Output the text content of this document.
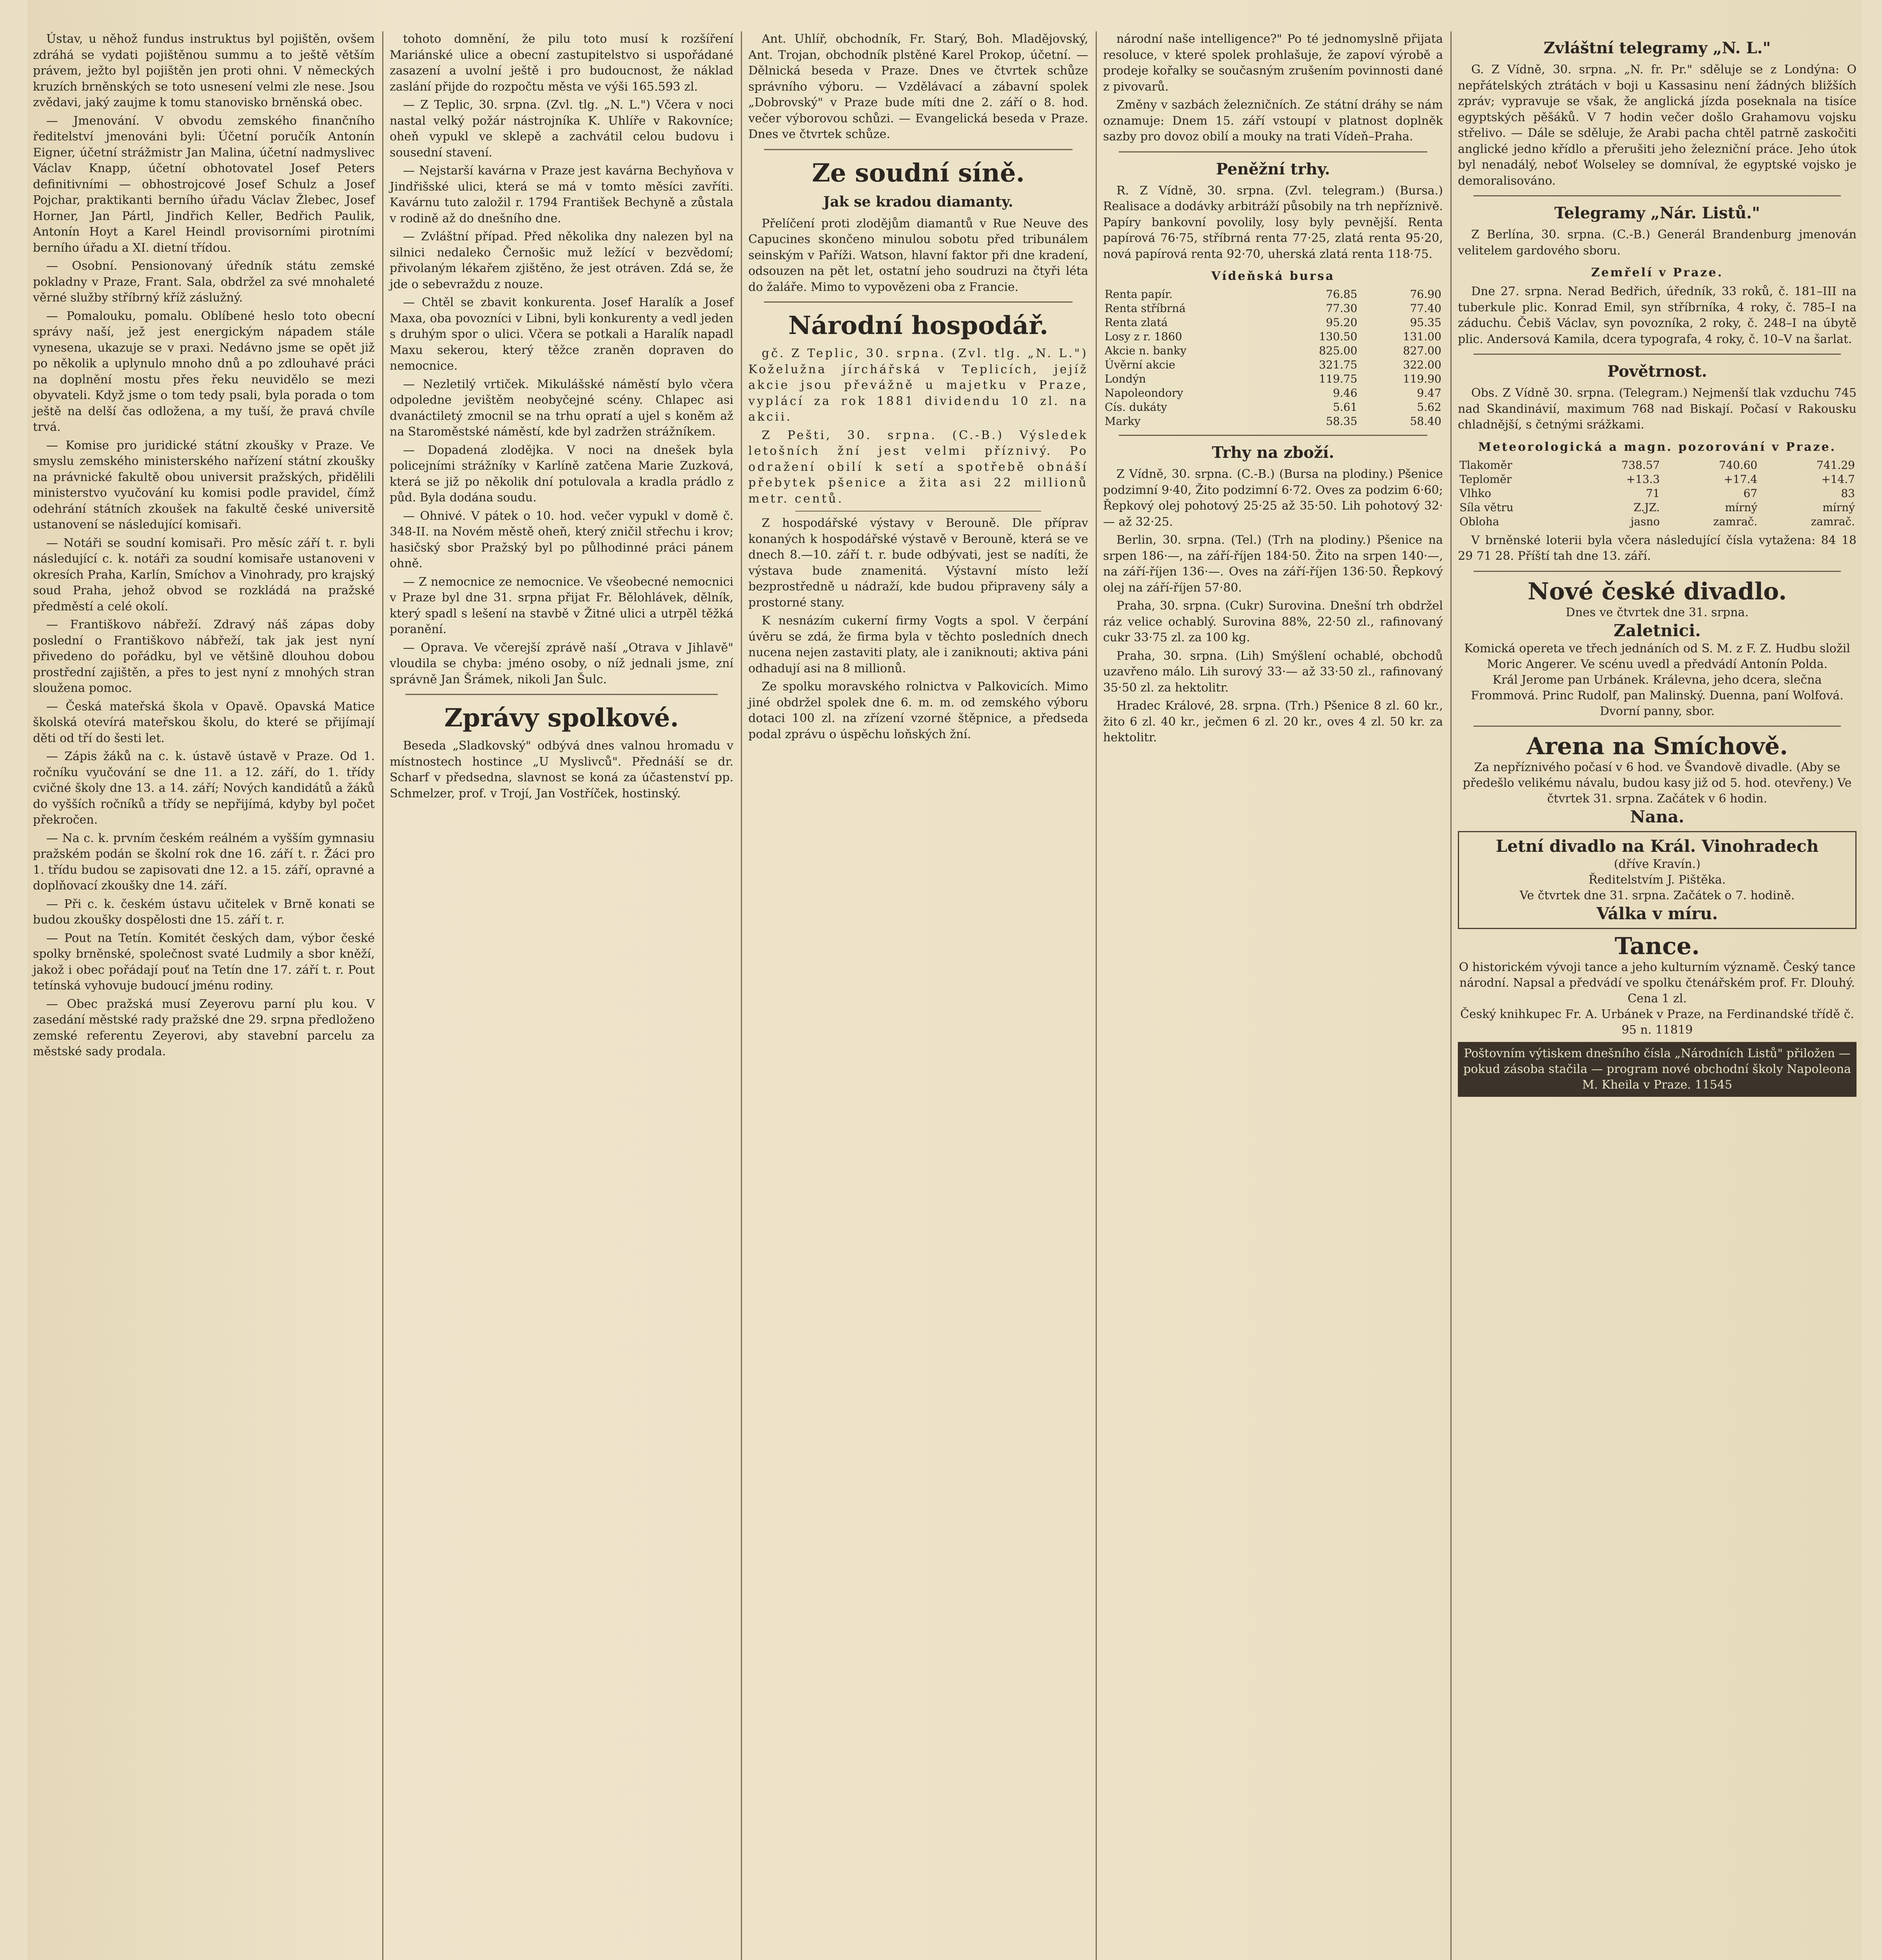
Ústav, u něhož fundus instruktus byl pojištěn, ovšem zdráhá se vydati pojištěnou summu a to ještě větším právem, ježto byl pojištěn jen proti ohni. V německých kruzích brněnských se toto usnesení velmi zle nese. Jsou zvědavi, jaký zaujme k tomu stanovisko brněnská obec.

— Jmenování. V obvodu zemského finančního ředitelství jmenováni byli: Účetní poručík Antonín Eigner, účetní strážmistr Jan Malina, účetní nadmyslivec Václav Knapp, účetní obhotovatel Josef Peters definitivními — obhostrojcové Josef Schulz a Josef Pojchar, praktikanti berního úřadu Václav Žlebec, Josef Horner, Jan Pártl, Jindřich Keller, Bedřich Paulik, Antonín Hoyt a Karel Heindl provisorními pirotními berního úřadu a XI. dietní třídou.

— Osobní. Pensionovaný úředník státu zemské pokladny v Praze, Frant. Sala, obdržel za své mnohaleté věrné služby stříbrný kříž záslužný.

— Pomalouku, pomalu. Oblíbené heslo toto obecní správy naší, jež jest energickým nápadem stále vynesena, ukazuje se v praxi. Nedávno jsme se opět již po několik a uplynulo mnoho dnů a po zdlouhavé práci na doplnění mostu přes řeku neuvidělo se mezi obyvateli. Když jsme o tom tedy psali, byla porada o tom ještě na delší čas odložena, a my tuší, že pravá chvíle trvá.

— Komise pro juridické státní zkoušky v Praze. Ve smyslu zemského ministerského nařízení státní zkoušky na právnické fakultě obou universit pražských, přidělili ministerstvo vyučování ku komisi podle pravidel, čímž odehrání státních zkoušek na fakultě české universitě ustanovení se následující komisaři.

— Notáři se soudní komisaři. Pro měsíc září t. r. byli následující c. k. notáři za soudní komisaře ustanoveni v okresích Praha, Karlín, Smíchov a Vinohrady, pro krajský soud Praha, jehož obvod se rozkládá na pražské předměstí a celé okolí.

— Františkovo nábřeží. Zdravý náš zápas doby poslední o Františkovo nábřeží, tak jak jest nyní přivedeno do pořádku, byl ve většině dlouhou dobou prostřední zajištěn, a přes to jest nyní z mnohých stran sloužena pomoc.

— Česká mateřská škola v Opavě. Opavská Matice školská otevírá mateřskou školu, do které se přijímají děti od tří do šesti let.

— Zápis žáků na c. k. ústavě ústavě v Praze. Od 1. ročníku vyučování se dne 11. a 12. září, do 1. třídy cvičné školy dne 13. a 14. září; Nových kandidátů a žáků do vyšších ročníků a třídy se nepřijímá, kdyby byl počet překročen.

— Na c. k. prvním českém reálném a vyšším gymnasiu pražském podán se školní rok dne 16. září t. r. Žáci pro 1. třídu budou se zapisovati dne 12. a 15. září, opravné a doplňovací zkoušky dne 14. září.

— Při c. k. českém ústavu učitelek v Brně konati se budou zkoušky dospělosti dne 15. září t. r.

— Pout na Tetín. Komitét českých dam, výbor české spolky brněnské, společnost svaté Ludmily a sbor kněží, jakož i obec pořádají pouť na Tetín dne 17. září t. r. Pout tetínská vyhovuje budoucí jménu rodiny.

— Obec pražská musí Zeyerovu parní plu kou. V zasedání městské rady pražské dne 29. srpna předloženo zemské referentu Zeyerovi, aby stavební parcelu za městské sady prodala.

tohoto domnění, že pilu toto musí k rozšíření Mariánské ulice a obecní zastupitelstvo si uspořádané zasazení a uvolní ještě i pro budoucnost, že náklad zaslání přijde do rozpočtu města ve výši 165.593 zl.

— Z Teplic, 30. srpna. (Zvl. tlg. „N. L.") Včera v noci nastal velký požár nástrojníka K. Uhlíře v Rakovníce; oheň vypukl ve sklepě a zachvátil celou budovu i sousední stavení.

— Nejstarší kavárna v Praze jest kavárna Bechyňova v Jindřišské ulici, která se má v tomto měsíci zavříti. Kavárnu tuto založil r. 1794 František Bechyně a zůstala v rodině až do dnešního dne.

— Zvláštní případ. Před několika dny nalezen byl na silnici nedaleko Černošic muž ležící v bezvědomí; přivolaným lékařem zjištěno, že jest otráven. Zdá se, že jde o sebevraždu z nouze.

— Chtěl se zbavit konkurenta. Josef Haralík a Josef Maxa, oba povozníci v Libni, byli konkurenty a vedl jeden s druhým spor o ulici. Včera se potkali a Haralík napadl Maxu sekerou, který těžce zraněn dopraven do nemocnice.

— Nezletilý vrtiček. Mikulášské náměstí bylo včera odpoledne jevištěm neobyčejné scény. Chlapec asi dvanáctiletý zmocnil se na trhu opratí a ujel s koněm až na Staroměstské náměstí, kde byl zadržen strážníkem.

— Dopadená zlodějka. V noci na dnešek byla policejními strážníky v Karlíně zatčena Marie Zuzková, která se již po několik dní potulovala a kradla prádlo z půd. Byla dodána soudu.

— Ohnivé. V pátek o 10. hod. večer vypukl v domě č. 348-II. na Novém městě oheň, který zničil střechu i krov; hasičský sbor Pražský byl po půlhodinné práci pánem ohně.

— Z nemocnice ze nemocnice. Ve všeobecné nemocnici v Praze byl dne 31. srpna přijat Fr. Bělohlávek, dělník, který spadl s lešení na stavbě v Žitné ulici a utrpěl těžká poranění.

— Oprava. Ve včerejší zprávě naší „Otrava v Jihlavě" vloudila se chyba: jméno osoby, o níž jednali jsme, zní správně Jan Šrámek, nikoli Jan Šulc.

Zprávy spolkové.

Beseda „Sladkovský" odbývá dnes valnou hromadu v místnostech hostince „U Myslivců". Přednáší se dr. Scharf v předsedna, slavnost se koná za účastenství pp. Schmelzer, prof. v Trojí, Jan Vostříček, hostinský.

Ant. Uhlíř, obchodník, Fr. Starý, Boh. Mladějovský, Ant. Trojan, obchodník plstěné Karel Prokop, účetní. — Dělnická beseda v Praze. Dnes ve čtvrtek schůze správního výboru. — Vzdělávací a zábavní spolek „Dobrovský" v Praze bude míti dne 2. září o 8. hod. večer výborovou schůzi. — Evangelická beseda v Praze. Dnes ve čtvrtek schůze.

Ze soudní síně.
Jak se kradou diamanty.

Přelíčení proti zlodějům diamantů v Rue Neuve des Capucines skončeno minulou sobotu před tribunálem seinským v Paříži. Watson, hlavní faktor při dne kradení, odsouzen na pět let, ostatní jeho soudruzi na čtyři léta do žaláře. Mimo to vypovězeni oba z Francie.

Národní hospodář.

gč. Z Teplic, 30. srpna. (Zvl. tlg. „N. L.") Koželužna jírchářská v Teplicích, jejíž akcie jsou převážně u majetku v Praze, vyplácí za rok 1881 dividendu 10 zl. na akcii.

Z Pešti, 30. srpna. (C.-B.) Výsledek letošních žní jest velmi příznivý. Po odražení obilí k setí a spotřebě obnáší přebytek pšenice a žita asi 22 millionů metr. centů.

Z hospodářské výstavy v Berouně. Dle příprav konaných k hospodářské výstavě v Berouně, která se ve dnech 8.—10. září t. r. bude odbývati, jest se nadíti, že výstava bude znamenitá. Výstavní místo leží bezprostředně u nádraží, kde budou připraveny sály a prostorné stany.

K nesnázím cukerní firmy Vogts a spol. V čerpání úvěru se zdá, že firma byla v těchto posledních dnech nucena nejen zastaviti platy, ale i zaniknouti; aktiva páni odhadují asi na 8 millionů.

Ze spolku moravského rolnictva v Palkovicích. Mimo jiné obdržel spolek dne 6. m. m. od zemského výboru dotaci 100 zl. na zřízení vzorné štěpnice, a předseda podal zprávu o úspěchu loňských žní.

národní naše intelligence?" Po té jednomyslně přijata resoluce, v které spolek prohlašuje, že zapoví výrobě a prodeje kořalky se současným zrušením povinnosti dané z pivovarů.

Změny v sazbách železničních. Ze státní dráhy se nám oznamuje: Dnem 15. září vstoupí v platnost doplněk sazby pro dovoz obilí a mouky na trati Vídeň–Praha.

Peněžní trhy.

R. Z Vídně, 30. srpna. (Zvl. telegram.) (Bursa.) Realisace a dodávky arbitráží působily na trh nepříznivě. Papíry bankovní povolily, losy byly pevnější. Renta papírová 76·75, stříbrná renta 77·25, zlatá renta 95·20, nová papírová renta 92·70, uherská zlatá renta 118·75.

Vídeňská bursa
Renta papír.	76.85	76.90
Renta stříbrná	77.30	77.40
Renta zlatá	95.20	95.35
Losy z r. 1860	130.50	131.00
Akcie n. banky	825.00	827.00
Úvěrní akcie	321.75	322.00
Londýn	119.75	119.90
Napoleondory	9.46	9.47
Cís. dukáty	5.61	5.62
Marky	58.35	58.40
Trhy na zboží.

Z Vídně, 30. srpna. (C.-B.) (Bursa na plodiny.) Pšenice podzimní 9·40, Žito podzimní 6·72. Oves za podzim 6·60; Řepkový olej pohotový 25·25 až 35·50. Lih pohotový 32·— až 32·25.

Berlin, 30. srpna. (Tel.) (Trh na plodiny.) Pšenice na srpen 186·—, na září-říjen 184·50. Žito na srpen 140·—, na září-říjen 136·—. Oves na září-říjen 136·50. Řepkový olej na září-říjen 57·80.

Praha, 30. srpna. (Cukr) Surovina. Dnešní trh obdržel ráz velice ochablý. Surovina 88%, 22·50 zl., rafinovaný cukr 33·75 zl. za 100 kg.

Praha, 30. srpna. (Lih) Smýšlení ochablé, obchodů uzavřeno málo. Lih surový 33·— až 33·50 zl., rafinovaný 35·50 zl. za hektolitr.

Hradec Králové, 28. srpna. (Trh.) Pšenice 8 zl. 60 kr., žito 6 zl. 40 kr., ječmen 6 zl. 20 kr., oves 4 zl. 50 kr. za hektolitr.

Zvláštní telegramy „N. L."

G. Z Vídně, 30. srpna. „N. fr. Pr." sděluje se z Londýna: O nepřátelských ztrátách v boji u Kassasinu není žádných bližších zpráv; vypravuje se však, že anglická jízda poseknala na tisíce egyptských pěšáků. V 7 hodin večer došlo Grahamovu vojsku střelivo. — Dále se sděluje, že Arabi pacha chtěl patrně zaskočiti anglické jedno křídlo a přerušiti jeho železniční práce. Jeho útok byl nenadálý, neboť Wolseley se domníval, že egyptské vojsko je demoralisováno.

Telegramy „Nár. Listů."

Z Berlína, 30. srpna. (C.-B.) Generál Brandenburg jmenován velitelem gardového sboru.

Zemřelí v Praze.

Dne 27. srpna. Nerad Bedřich, úředník, 33 roků, č. 181–III na tuberkule plic. Konrad Emil, syn stříbrníka, 4 roky, č. 785–I na záduchu. Čebiš Václav, syn povozníka, 2 roky, č. 248–I na úbytě plic. Andersová Kamila, dcera typografa, 4 roky, č. 10–V na šarlat.

Povětrnost.

Obs. Z Vídně 30. srpna. (Telegram.) Nejmenší tlak vzduchu 745 nad Skandinávií, maximum 768 nad Biskají. Počasí v Rakousku chladnější, s četnými srážkami.

Meteorologická a magn. pozorování v Praze.
Tlakoměr	738.57	740.60	741.29
Teploměr	+13.3	+17.4	+14.7
Vlhko	71	67	83
Síla větru	Z.JZ.	mírný	mírný
Obloha	jasno	zamrač.	zamrač.

V brněnské loterii byla včera následující čísla vytažena: 84 18 29 71 28. Příští tah dne 13. září.

Nové české divadlo.
Dnes ve čtvrtek dne 31. srpna.
Zaletnici.
Komická opereta ve třech jednáních od S. M. z F. Z. Hudbu složil Moric Angerer. Ve scénu uvedl a předvádí Antonín Polda.
Král Jerome pan Urbánek. Králevna, jeho dcera, slečna Frommová. Princ Rudolf, pan Malinský. Duenna, paní Wolfová. Dvorní panny, sbor.
Arena na Smíchově.
Za nepříznivého počasí v 6 hod. ve Švandově divadle. (Aby se předešlo velikému návalu, budou kasy již od 5. hod. otevřeny.) Ve čtvrtek 31. srpna. Začátek v 6 hodin.
Nana.
Letní divadlo na Král. Vinohradech
(dříve Kravín.)
Ředitelstvím J. Pištěka.
Ve čtvrtek dne 31. srpna. Začátek o 7. hodině.
Válka v míru.
Tance.
O historickém vývoji tance a jeho kulturním významě. Český tance národní. Napsal a předvádí ve spolku čtenářském prof. Fr. Dlouhý. Cena 1 zl.
Český knihkupec Fr. A. Urbánek v Praze, na Ferdinandské třídě č. 95 n. 11819
Poštovním výtiskem dnešního čísla „Národních Listů" přiložen — pokud zásoba stačila — program nové obchodní školy Napoleona M. Kheila v Praze. 11545
